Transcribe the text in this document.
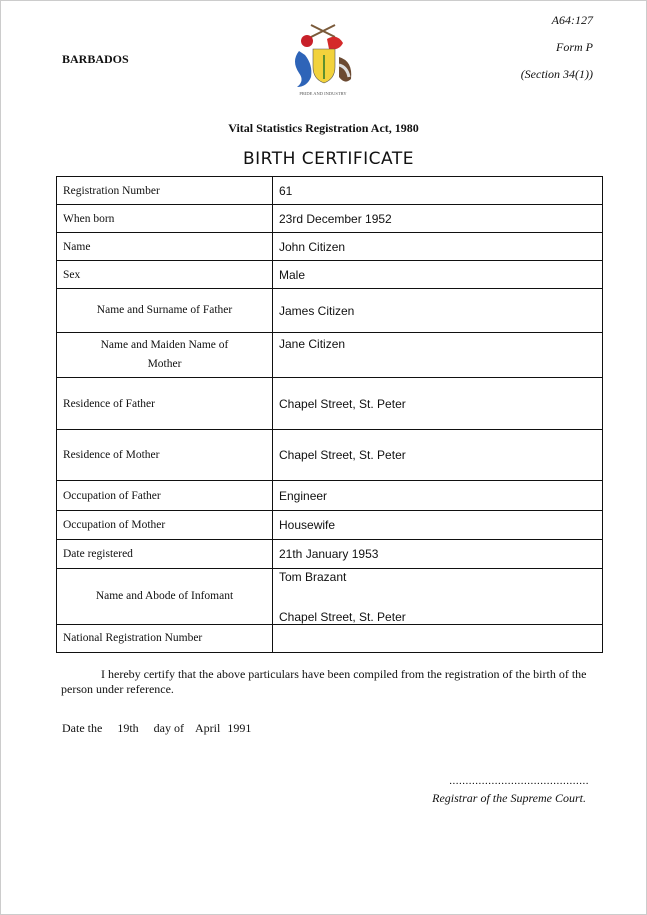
BARBADOS
A64:127
Form P
(Section 34(1))
PRIDE AND INDUSTRY
Vital Statistics Registration Act, 1980
BIRTH CERTIFICATE
Registration Number	61
When born	23rd December 1952
Name	John Citizen
Sex	Male
Name and Surname of Father	James Citizen
Name and Maiden Name of Mother	Jane Citizen
Residence of Father	Chapel Street, St. Peter
Residence of Mother	Chapel Street, St. Peter
Occupation of Father	Engineer
Occupation of Mother	Housewife
Date registered	21th January 1953
Name and Abode of Infomant	Tom Brazant
Chapel Street, St. Peter

National Registration Number	
I hereby certify that the above particulars have been compiled from the registration of the birth of the person under reference.
Date the 19th day of April 1991
...........................................
Registrar of the Supreme Court.
